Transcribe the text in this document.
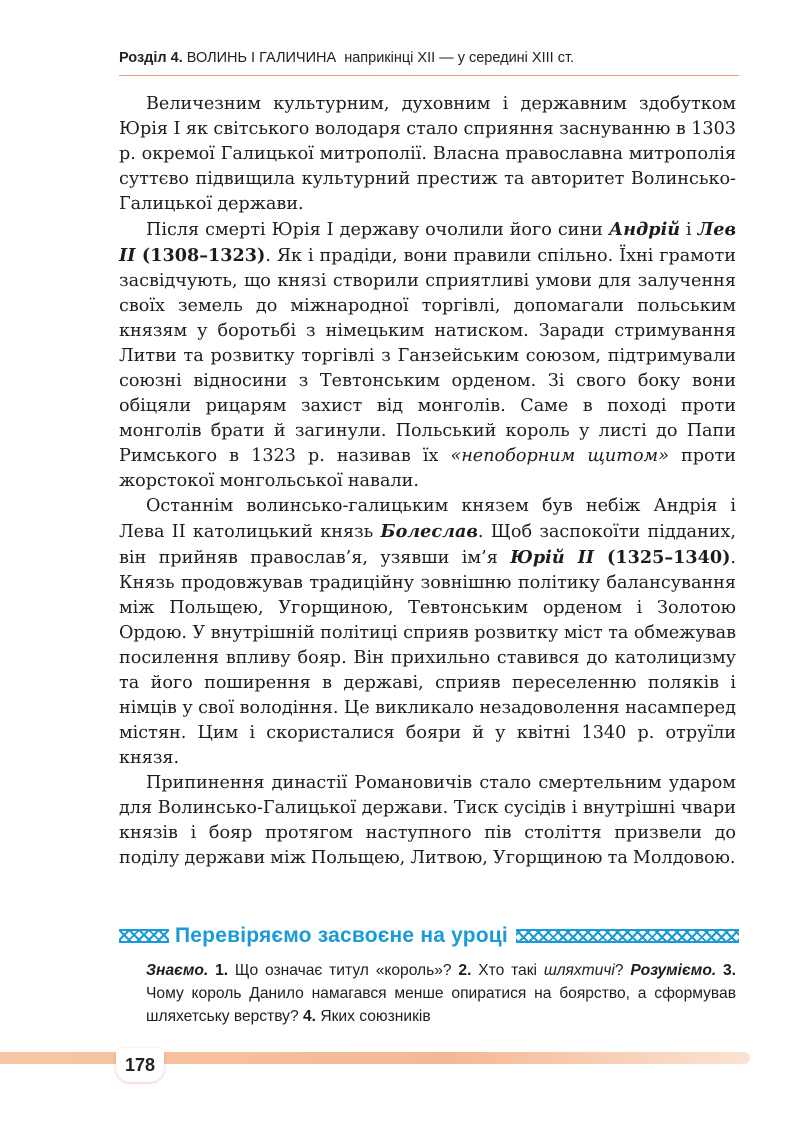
Розділ 4. ВОЛИНЬ І ГАЛИЧИНА наприкінці XII — у середині XIII ст.

Величезним культурним, духовним і державним здобутком Юрія I як світського володаря стало сприяння заснуванню в 1303 р. окремої Галицької митрополії. Власна православна митрополія суттєво підвищила культурний престиж та авторитет Волинсько-Галицької держави.

Після смерті Юрія I державу очолили його сини Андрій і Лев II (1308–1323). Як і прадіди, вони правили спільно. Їхні грамоти засвідчують, що князі створили сприятливі умови для залучення своїх земель до міжнародної торгівлі, допомагали польським князям у боротьбі з німецьким натиском. Заради стримування Литви та розвитку торгівлі з Ганзейським союзом, підтримували союзні відносини з Тевтонським орденом. Зі свого боку вони обіцяли рицарям захист від монголів. Саме в поході проти монголів брати й загинули. Польський король у листі до Папи Римського в 1323 р. називав їх «непоборним щитом» проти жорстокої монгольської навали.

Останнім волинсько-галицьким князем був небіж Андрія і Лева II католицький князь Болеслав. Щоб заспокоїти підданих, він прийняв православ’я, узявши ім’я Юрій II (1325–1340). Князь продовжував традиційну зовнішню політику балансування між Польщею, Угорщиною, Тевтонським орденом і Золотою Ордою. У внутрішній політиці сприяв розвитку міст та обмежував посилення впливу бояр. Він прихильно ставився до католицизму та його поширення в державі, сприяв переселенню поляків і німців у свої володіння. Це викликало незадоволення насамперед містян. Цим і скористалися бояри й у квітні 1340 р. отруїли князя.

Припинення династії Романовичів стало смертельним ударом для Волинсько-Галицької держави. Тиск сусідів і внутрішні чвари князів і бояр протягом наступного пів століття призвели до поділу держави між Польщею, Литвою, Угорщиною та Молдовою.

Перевіряємо засвоєне на уроці

Знаємо. 1. Що означає титул «король»? 2. Хто такі шляхтичі? Розуміємо. 3. Чому король Данило намагався менше опиратися на боярство, а сформував шляхетську верству? 4. Яких союзників

178
